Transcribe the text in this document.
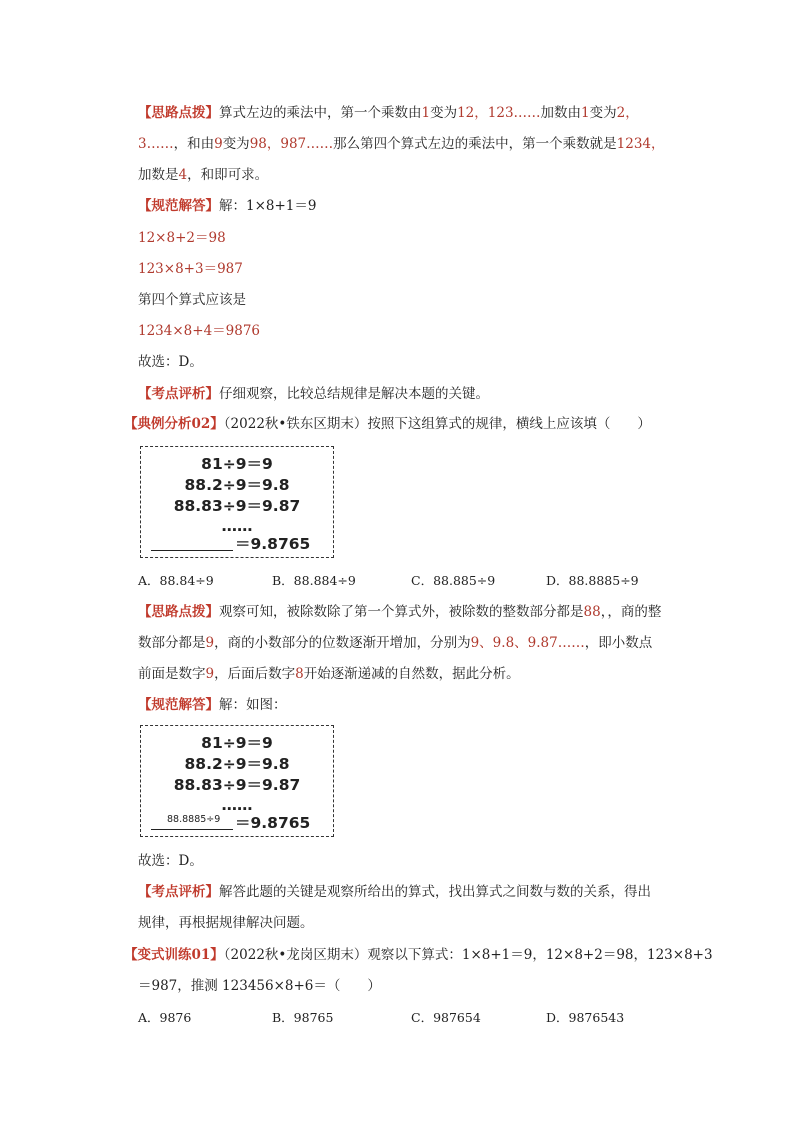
【思路点拨】算式左边的乘法中，第一个乘数由1变为12，123……加数由1变为2，
3……，和由9变为98，987……那么第四个算式左边的乘法中，第一个乘数就是1234，
加数是4，和即可求。
【规范解答】解：1×8+1＝9
12×8+2＝98
123×8+3＝987
第四个算式应该是
1234×8+4＝9876
故选：D。
【考点评析】仔细观察，比较总结规律是解决本题的关键。
【典例分析02】（2022秋•铁东区期末）按照下这组算式的规律，横线上应该填（　　）
81÷9＝9
88.2÷9＝9.8
88.83÷9＝9.87
……
＝9.8765
A．88.84÷9	B．88.884÷9	C．88.885÷9	D．88.8885÷9
【思路点拨】观察可知，被除数除了第一个算式外，被除数的整数部分都是88，，商的整
数部分都是9，商的小数部分的位数逐渐开增加，分别为9、9.8、9.87……，即小数点
前面是数字9，后面后数字8开始逐渐递减的自然数，据此分析。
【规范解答】解：如图：
81÷9＝9
88.2÷9＝9.8
88.83÷9＝9.87
……
88.8885÷9 ＝9.8765
故选：D。
【考点评析】解答此题的关键是观察所给出的算式，找出算式之间数与数的关系，得出
规律，再根据规律解决问题。
【变式训练01】（2022秋•龙岗区期末）观察以下算式：1×8+1＝9，12×8+2＝98，123×8+3
＝987，推测 123456×8+6＝（　　）
A．9876	B．98765	C．987654	D．9876543
